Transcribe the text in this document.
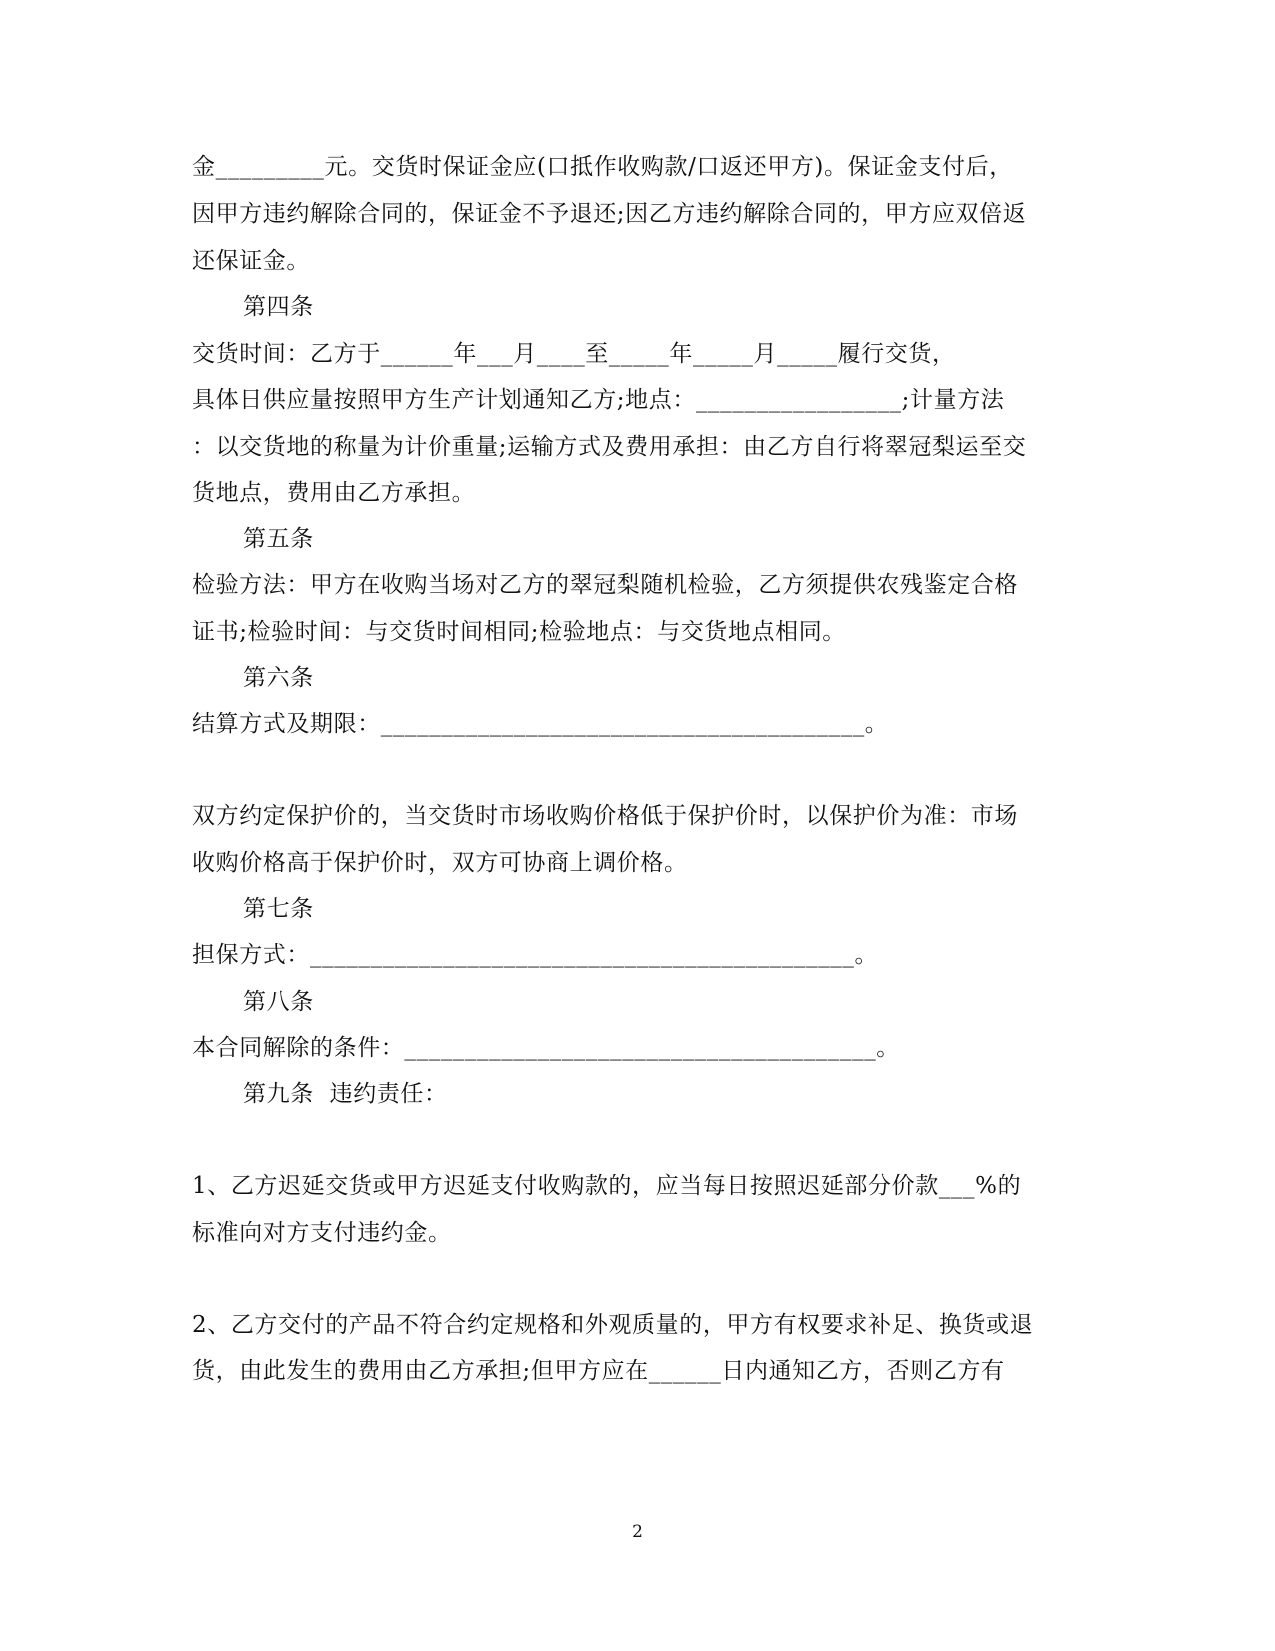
金_________元。交货时保证金应(口抵作收购款/口返还甲方)。保证金支付后，
因甲方违约解除合同的，保证金不予退还;因乙方违约解除合同的，甲方应双倍返
还保证金。
第四条
交货时间：乙方于______年___月____至_____年_____月_____履行交货，
具体日供应量按照甲方生产计划通知乙方;地点：_________________;计量方法
：以交货地的称量为计价重量;运输方式及费用承担：由乙方自行将翠冠梨运至交
货地点，费用由乙方承担。
第五条
检验方法：甲方在收购当场对乙方的翠冠梨随机检验，乙方须提供农残鉴定合格
证书;检验时间：与交货时间相同;检验地点：与交货地点相同。
第六条
结算方式及期限：________________________________________。
双方约定保护价的，当交货时市场收购价格低于保护价时，以保护价为准：市场
收购价格高于保护价时，双方可协商上调价格。
第七条
担保方式：_____________________________________________。
第八条
本合同解除的条件：_______________________________________。
第九条  违约责任：
1、乙方迟延交货或甲方迟延支付收购款的，应当每日按照迟延部分价款___%的
标准向对方支付违约金。
2、乙方交付的产品不符合约定规格和外观质量的，甲方有权要求补足、换货或退
货，由此发生的费用由乙方承担;但甲方应在______日内通知乙方，否则乙方有
2
